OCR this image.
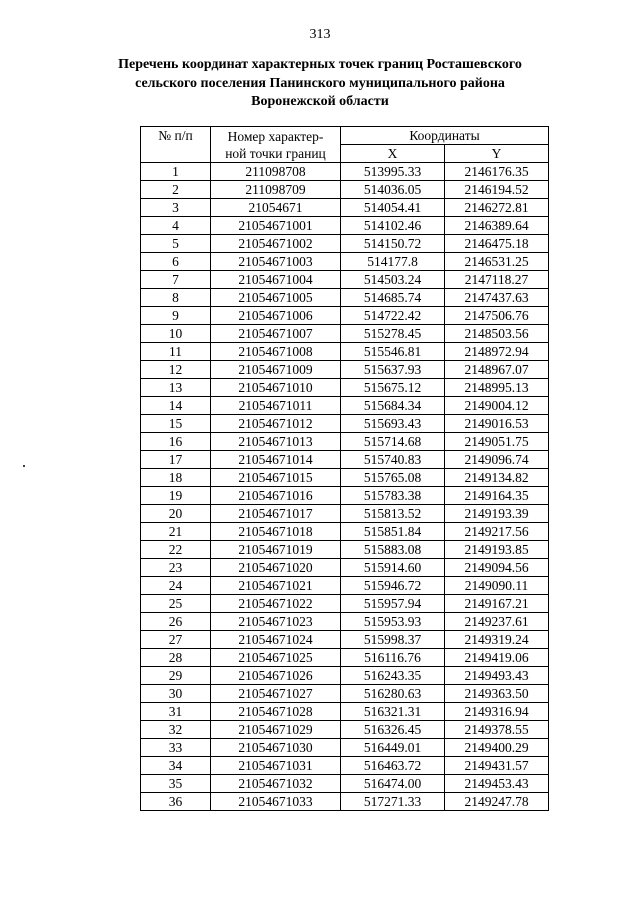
313
Перечень координат характерных точек границ Росташевского
сельского поселения Панинского муниципального района
Воронежской области
№ п/п	Номер характер-
ной точки границ	Координаты	
		X	Y
1	211098708	513995.33	2146176.35
2	211098709	514036.05	2146194.52
3	21054671	514054.41	2146272.81
4	21054671001	514102.46	2146389.64
5	21054671002	514150.72	2146475.18
6	21054671003	514177.8	2146531.25
7	21054671004	514503.24	2147118.27
8	21054671005	514685.74	2147437.63
9	21054671006	514722.42	2147506.76
10	21054671007	515278.45	2148503.56
11	21054671008	515546.81	2148972.94
12	21054671009	515637.93	2148967.07
13	21054671010	515675.12	2148995.13
14	21054671011	515684.34	2149004.12
15	21054671012	515693.43	2149016.53
16	21054671013	515714.68	2149051.75
17	21054671014	515740.83	2149096.74
18	21054671015	515765.08	2149134.82
19	21054671016	515783.38	2149164.35
20	21054671017	515813.52	2149193.39
21	21054671018	515851.84	2149217.56
22	21054671019	515883.08	2149193.85
23	21054671020	515914.60	2149094.56
24	21054671021	515946.72	2149090.11
25	21054671022	515957.94	2149167.21
26	21054671023	515953.93	2149237.61
27	21054671024	515998.37	2149319.24
28	21054671025	516116.76	2149419.06
29	21054671026	516243.35	2149493.43
30	21054671027	516280.63	2149363.50
31	21054671028	516321.31	2149316.94
32	21054671029	516326.45	2149378.55
33	21054671030	516449.01	2149400.29
34	21054671031	516463.72	2149431.57
35	21054671032	516474.00	2149453.43
36	21054671033	517271.33	2149247.78
